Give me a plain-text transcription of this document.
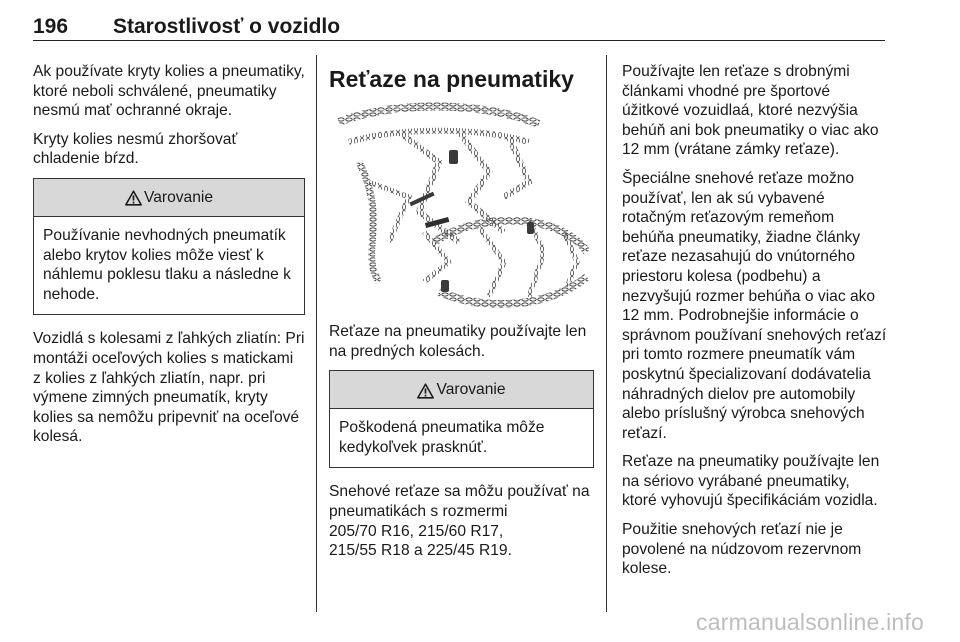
196 Starostlivosť o vozidlo

Ak používate kryty kolies a pneumatiky, ktoré neboli schválené, pneumatiky nesmú mať ochranné okraje.

Kryty kolies nesmú zhoršovať chladenie bŕzd.

Varovanie

Používanie nevhodných pneumatík alebo krytov kolies môže viesť k náhlemu poklesu tlaku a následne k nehode.

Vozidlá s kolesami z ľahkých zliatín: Pri montáži oceľových kolies s matickami z kolies z ľahkých zliatín, napr. pri výmene zimných pneumatík, kryty kolies sa nemôžu pripevniť na oceľové kolesá.

Reťaze na pneumatiky

Reťaze na pneumatiky používajte len na predných kolesách.

Varovanie

Poškodená pneumatika môže kedykoľvek prasknúť.

Snehové reťaze sa môžu používať na pneumatikách s rozmermi
205/70 R16, 215/60 R17,
215/55 R18 a 225/45 R19.

Používajte len reťaze s drobnými článkami vhodné pre športové úžitkové vozuidlaá, ktoré nezvýšia behúň ani bok pneumatiky o viac ako 12 mm (vrátane zámky reťaze).

Špeciálne snehové reťaze možno používať, len ak sú vybavené rotačným reťazovým remeňom behúňa pneumatiky, žiadne články reťaze nezasahujú do vnútorného priestoru kolesa (podbehu) a nezvyšujú rozmer behúňa o viac ako 12 mm. Podrobnejšie informácie o správnom používaní snehových reťazí pri tomto rozmere pneumatík vám poskytnú špecializovaní dodávatelia náhradných dielov pre automobily alebo príslušný výrobca snehových reťazí.

Reťaze na pneumatiky používajte len na sériovo vyrábané pneumatiky, ktoré vyhovujú špecifikáciám vozidla.

Použitie snehových reťazí nie je povolené na núdzovom rezervnom kolese.

carmanualsonline.info
